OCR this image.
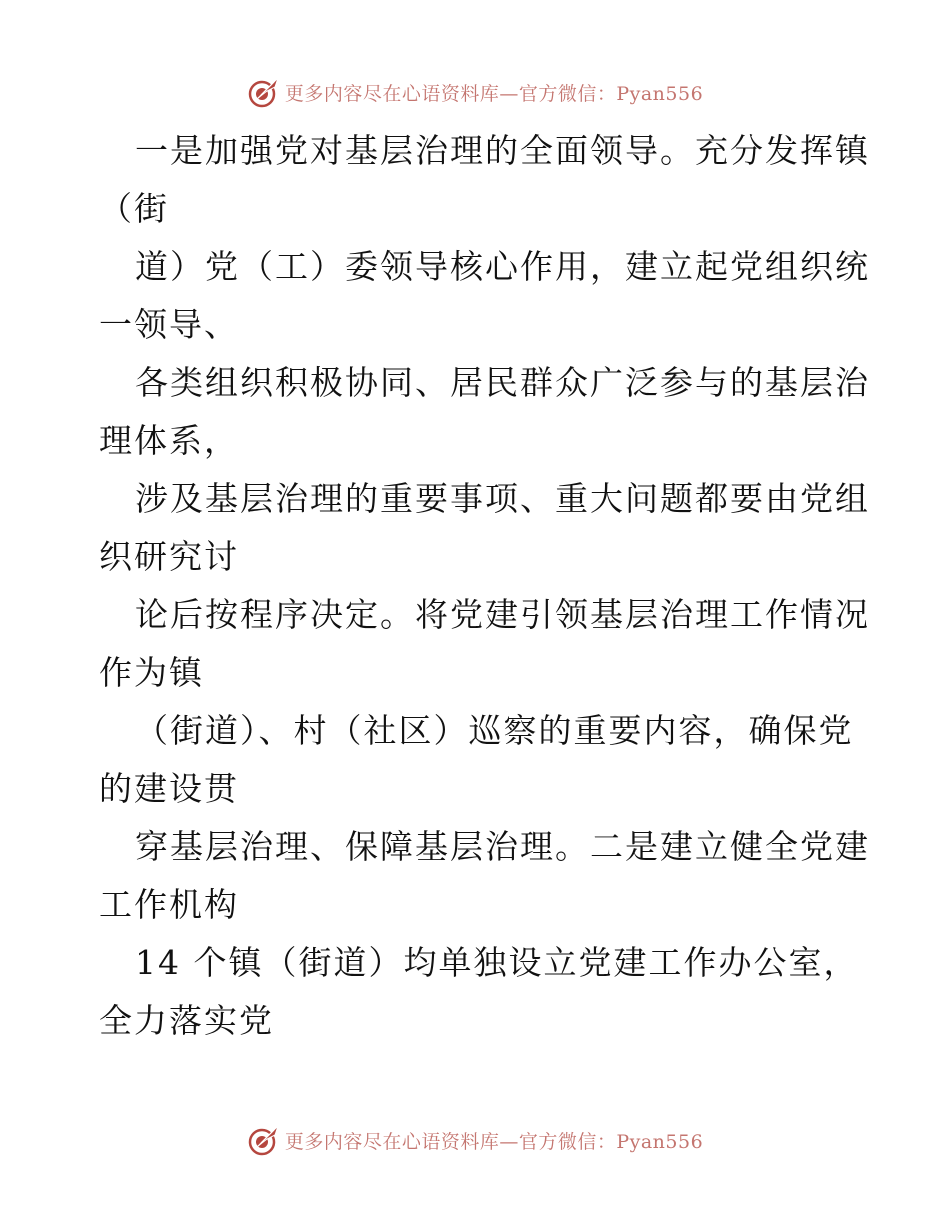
更多内容尽在心语资料库—官方微信：Pyan556
一是加强党对基层治理的全面领导。充分发挥镇
（街
道）党（工）委领导核心作用，建立起党组织统
一领导、
各类组织积极协同、居民群众广泛参与的基层治
理体系，
涉及基层治理的重要事项、重大问题都要由党组
织研究讨
论后按程序决定。将党建引领基层治理工作情况
作为镇
（街道）、村（社区）巡察的重要内容，确保党
的建设贯
穿基层治理、保障基层治理。二是建立健全党建
工作机构
14 个镇（街道）均单独设立党建工作办公室，
全力落实党
更多内容尽在心语资料库—官方微信：Pyan556
